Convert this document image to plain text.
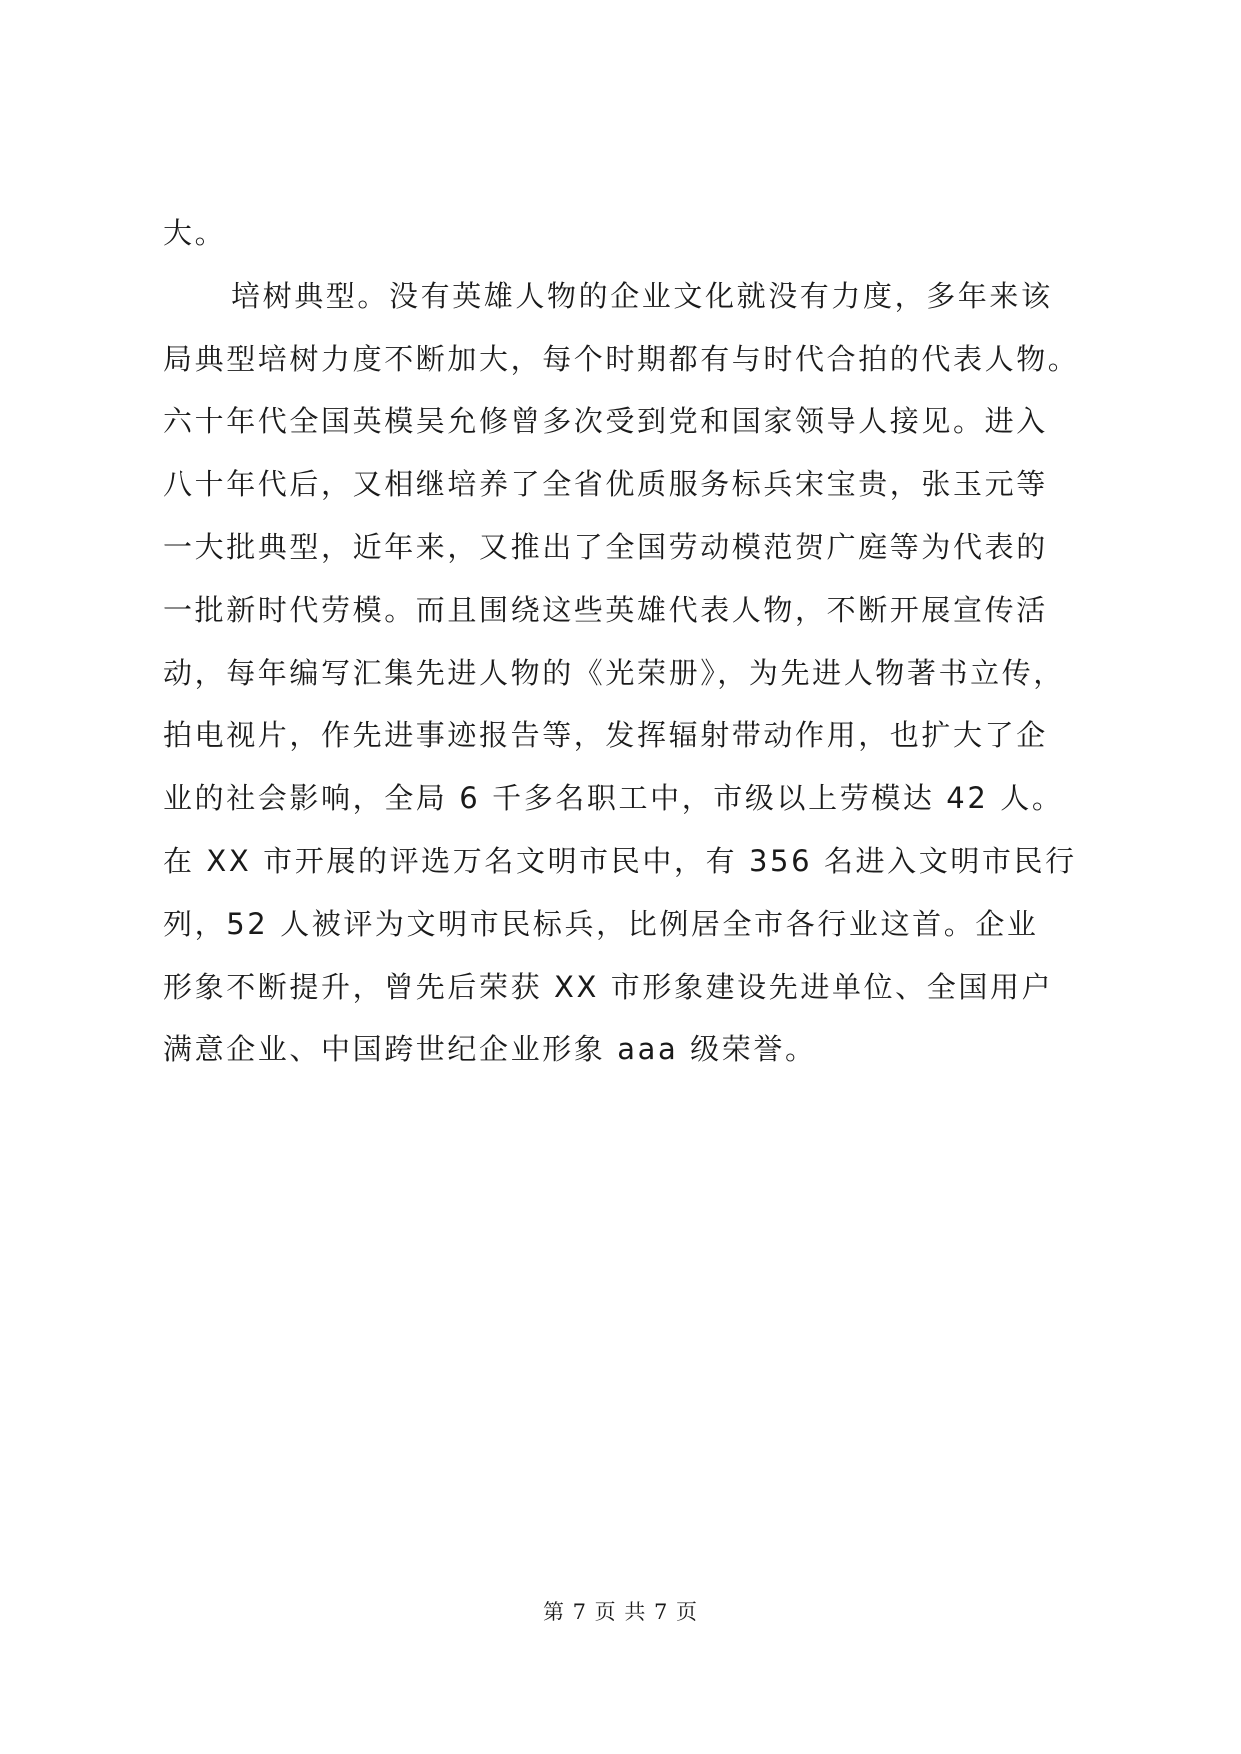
大。
培树典型。没有英雄人物的企业文化就没有力度，多年来该
局典型培树力度不断加大，每个时期都有与时代合拍的代表人物。
六十年代全国英模吴允修曾多次受到党和国家领导人接见。进入
八十年代后，又相继培养了全省优质服务标兵宋宝贵，张玉元等
一大批典型，近年来，又推出了全国劳动模范贺广庭等为代表的
一批新时代劳模。而且围绕这些英雄代表人物，不断开展宣传活
动，每年编写汇集先进人物的《光荣册》，为先进人物著书立传，
拍电视片，作先进事迹报告等，发挥辐射带动作用，也扩大了企
业的社会影响，全局 6 千多名职工中，市级以上劳模达 42 人。
在 XX 市开展的评选万名文明市民中，有 356 名进入文明市民行
列，52 人被评为文明市民标兵，比例居全市各行业这首。企业
形象不断提升，曾先后荣获 XX 市形象建设先进单位、全国用户
满意企业、中国跨世纪企业形象 aaa 级荣誉。
第 7 页 共 7 页
